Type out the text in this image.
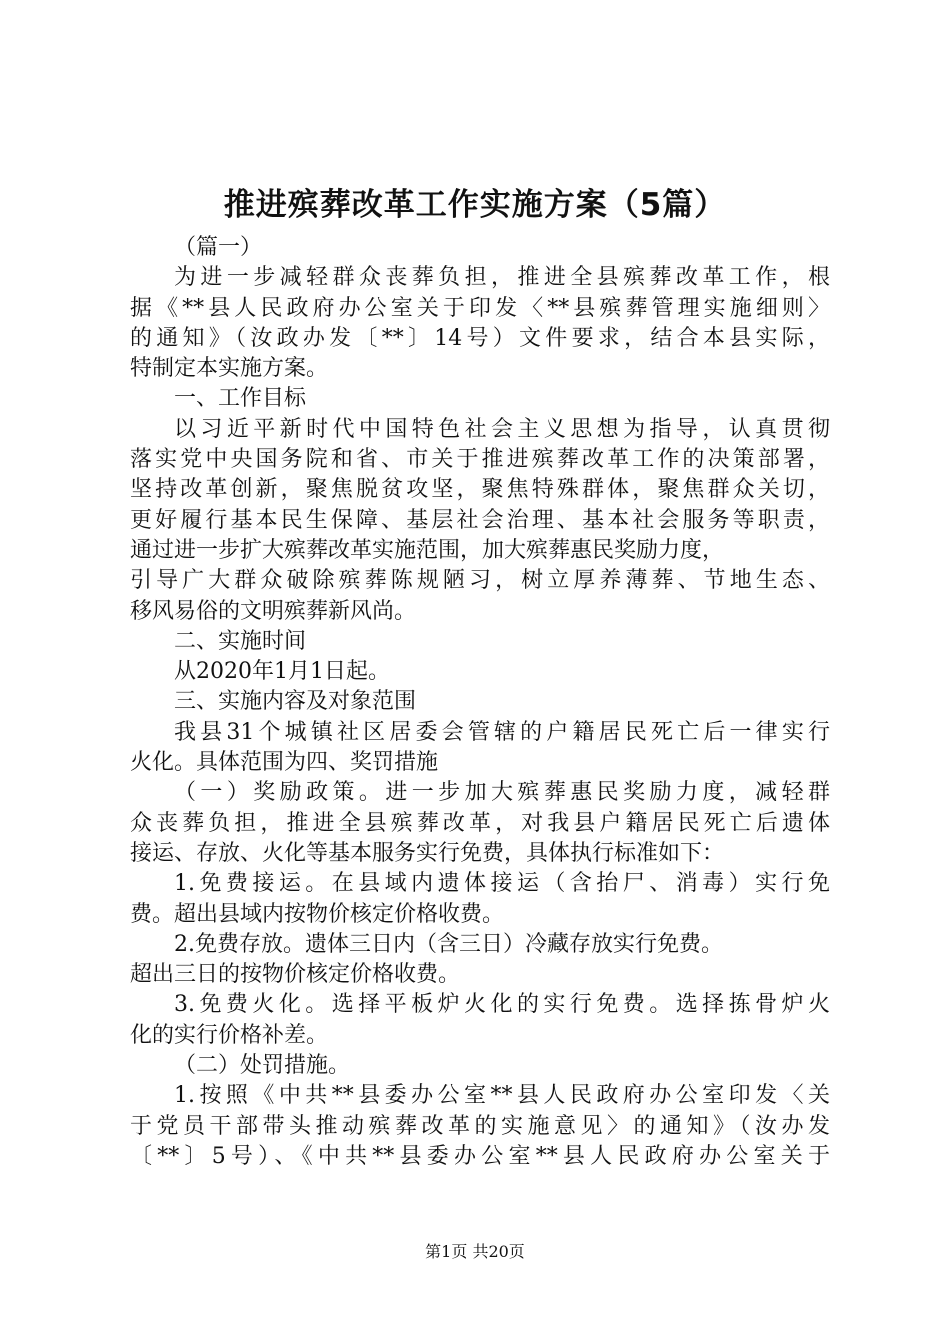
推进殡葬改革工作实施方案（5篇）
（篇一）
为进一步减轻群众丧葬负担，推进全县殡葬改革工作，根
据《**县人民政府办公室关于印发〈**县殡葬管理实施细则〉
的通知》（汝政办发〔**〕14号）文件要求，结合本县实际，
特制定本实施方案。
一、工作目标
以习近平新时代中国特色社会主义思想为指导，认真贯彻
落实党中央国务院和省、市关于推进殡葬改革工作的决策部署，
坚持改革创新，聚焦脱贫攻坚，聚焦特殊群体，聚焦群众关切，
更好履行基本民生保障、基层社会治理、基本社会服务等职责，
通过进一步扩大殡葬改革实施范围，加大殡葬惠民奖励力度，
引导广大群众破除殡葬陈规陋习，树立厚养薄葬、节地生态、
移风易俗的文明殡葬新风尚。
二、实施时间
从2020年1月1日起。
三、实施内容及对象范围
我县31个城镇社区居委会管辖的户籍居民死亡后一律实行
火化。具体范围为四、奖罚措施
（一）奖励政策。进一步加大殡葬惠民奖励力度，减轻群
众丧葬负担，推进全县殡葬改革，对我县户籍居民死亡后遗体
接运、存放、火化等基本服务实行免费，具体执行标准如下：
1.免费接运。在县域内遗体接运（含抬尸、消毒）实行免
费。超出县域内按物价核定价格收费。
2.免费存放。遗体三日内（含三日）冷藏存放实行免费。
超出三日的按物价核定价格收费。
3.免费火化。选择平板炉火化的实行免费。选择拣骨炉火
化的实行价格补差。
（二）处罚措施。
1.按照《中共**县委办公室**县人民政府办公室印发〈关
于党员干部带头推动殡葬改革的实施意见〉的通知》（汝办发
〔**〕5号）、《中共**县委办公室**县人民政府办公室关于
第1页 共20页
